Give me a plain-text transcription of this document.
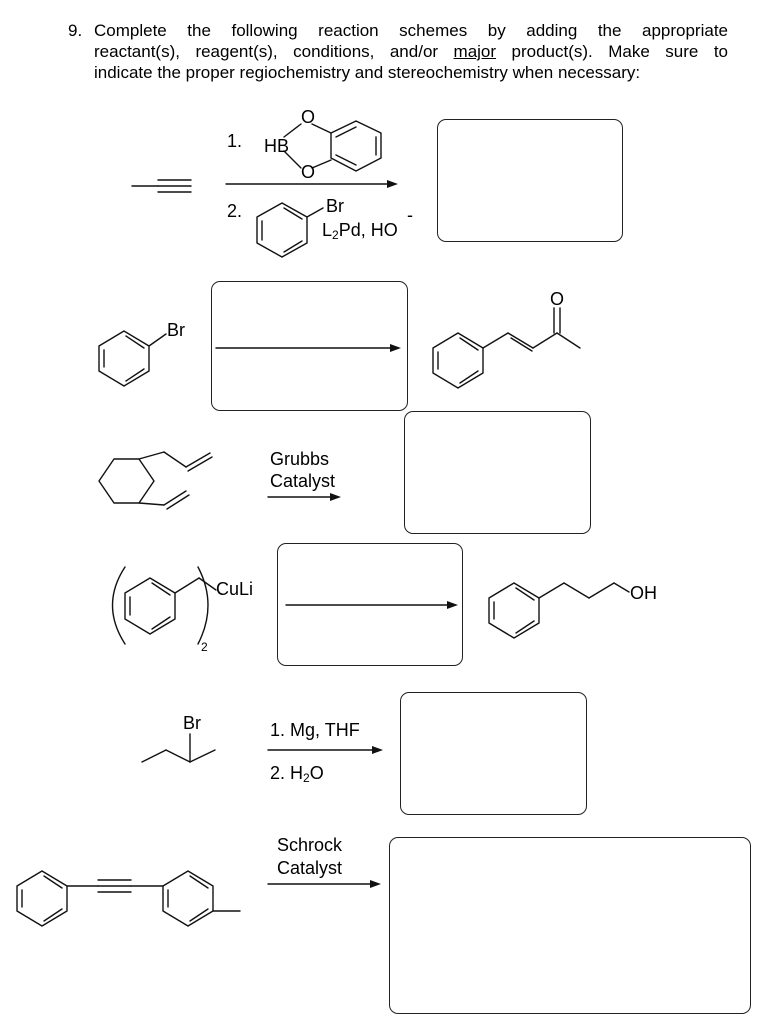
9. Complete the following reaction schemes by adding the appropriate
reactant(s), reagent(s), conditions, and/or major product(s). Make sure to
indicate the proper regiochemistry and stereochemistry when necessary:
1. HB
O
O
2.	Br
$L_2Pd$, HO
-
Br
O
Grubbs
Catalyst
CuLi
2
OH
Br	1. Mg, THF
2. $H_2O$
Schrock
Catalyst
